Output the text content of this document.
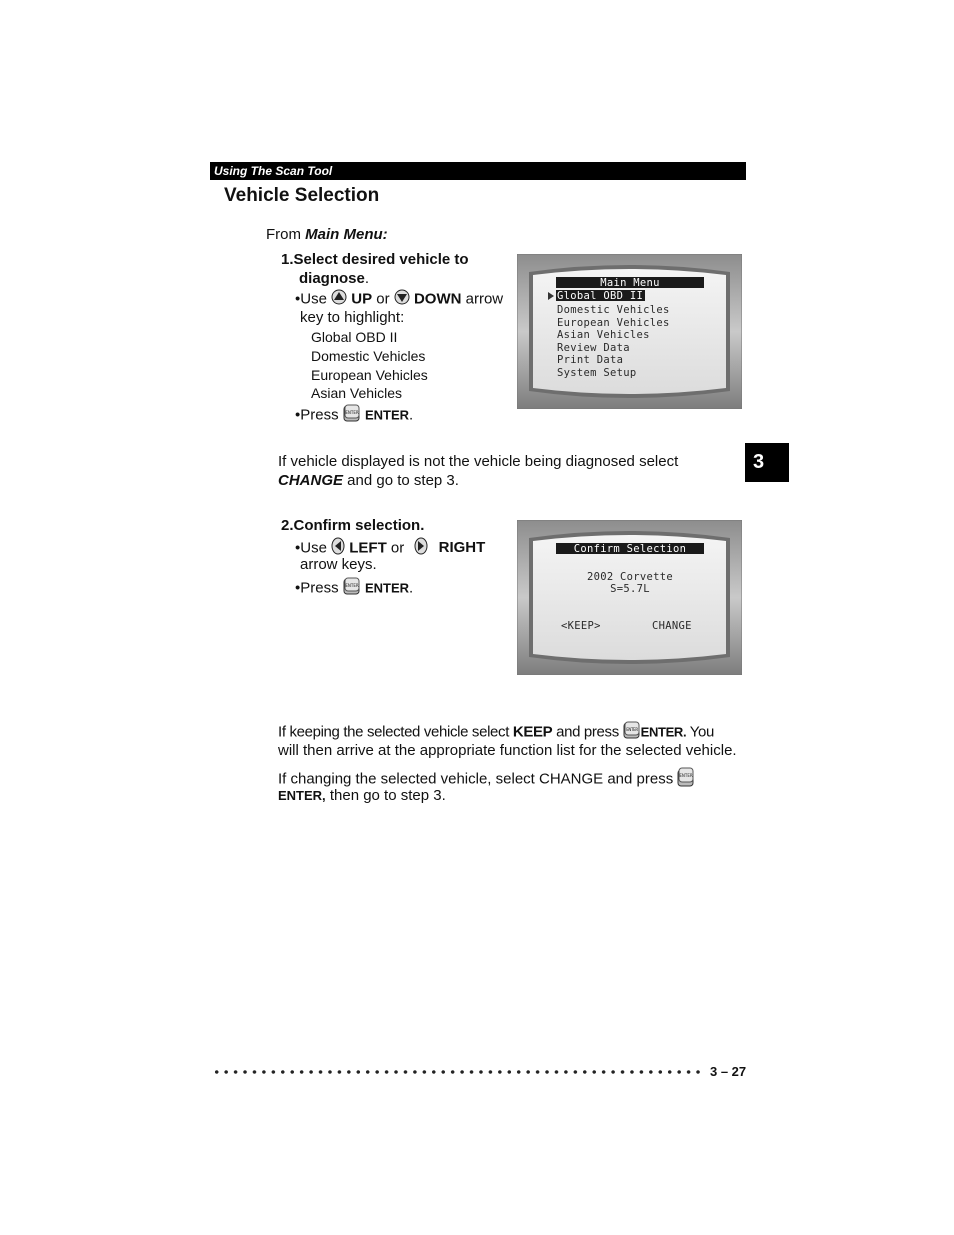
Using The Scan Tool
Vehicle Selection
From Main Menu:
1.Select desired vehicle to
diagnose.
•Use  UP or  DOWN arrow
key to highlight:
Global OBD II
Domestic Vehicles
European Vehicles
Asian Vehicles
•Press ENTER ENTER.
Main Menu
Global OBD II
Domestic Vehicles
European Vehicles
Asian Vehicles
Review Data
Print Data
System Setup
3
If vehicle displayed is not the vehicle being diagnosed select
CHANGE and go to step 3.
2.Confirm selection.
•Use  LEFT or  RIGHT
arrow keys.
•Press ENTER ENTER.
Confirm Selection
2002 Corvette
S=5.7L
<KEEP>	CHANGE
If keeping the selected vehicle select KEEP and press ENTER ENTER. You
will then arrive at the appropriate function list for the selected vehicle.
If changing the selected vehicle, select CHANGE and press ENTER
ENTER, then go to step 3.
3 – 27
